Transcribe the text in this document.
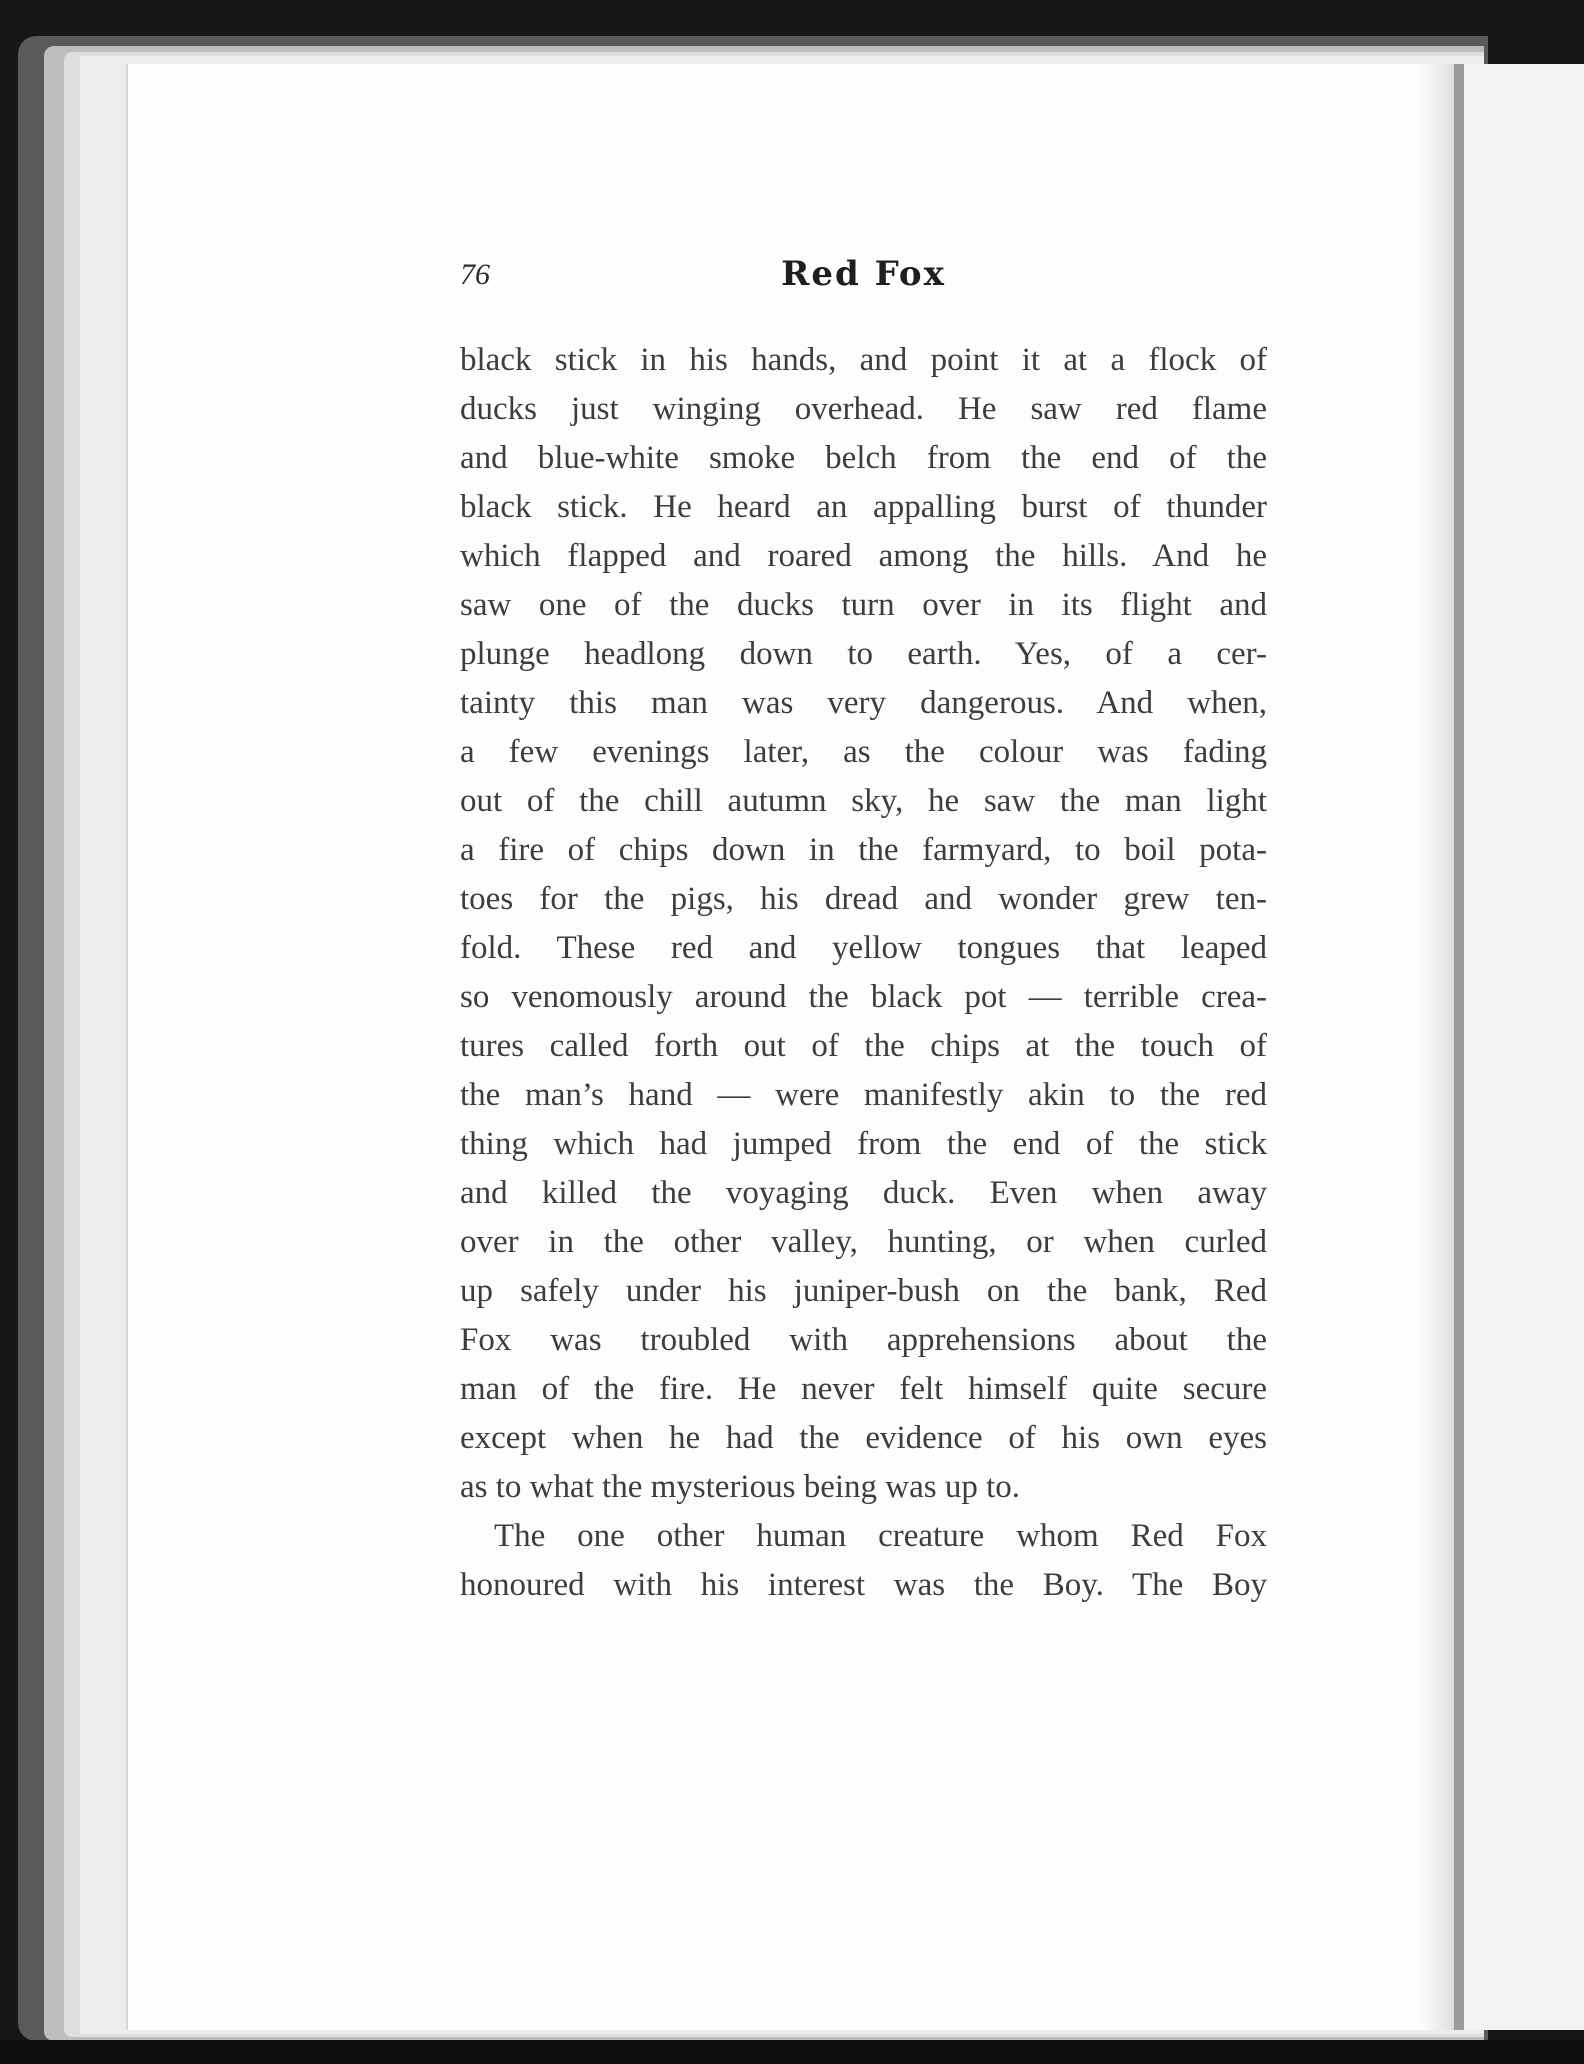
76	Red Fox
black stick in his hands, and point it at a flock of
ducks just winging overhead. He saw red flame
and blue-white smoke belch from the end of the
black stick. He heard an appalling burst of thunder
which flapped and roared among the hills. And he
saw one of the ducks turn over in its flight and
plunge headlong down to earth. Yes, of a cer-
tainty this man was very dangerous. And when,
a few evenings later, as the colour was fading
out of the chill autumn sky, he saw the man light
a fire of chips down in the farmyard, to boil pota-
toes for the pigs, his dread and wonder grew ten-
fold. These red and yellow tongues that leaped
so venomously around the black pot — terrible crea-
tures called forth out of the chips at the touch of
the man’s hand — were manifestly akin to the red
thing which had jumped from the end of the stick
and killed the voyaging duck. Even when away
over in the other valley, hunting, or when curled
up safely under his juniper-bush on the bank, Red
Fox was troubled with apprehensions about the
man of the fire. He never felt himself quite secure
except when he had the evidence of his own eyes
as to what the mysterious being was up to.
The one other human creature whom Red Fox
honoured with his interest was the Boy. The Boy
